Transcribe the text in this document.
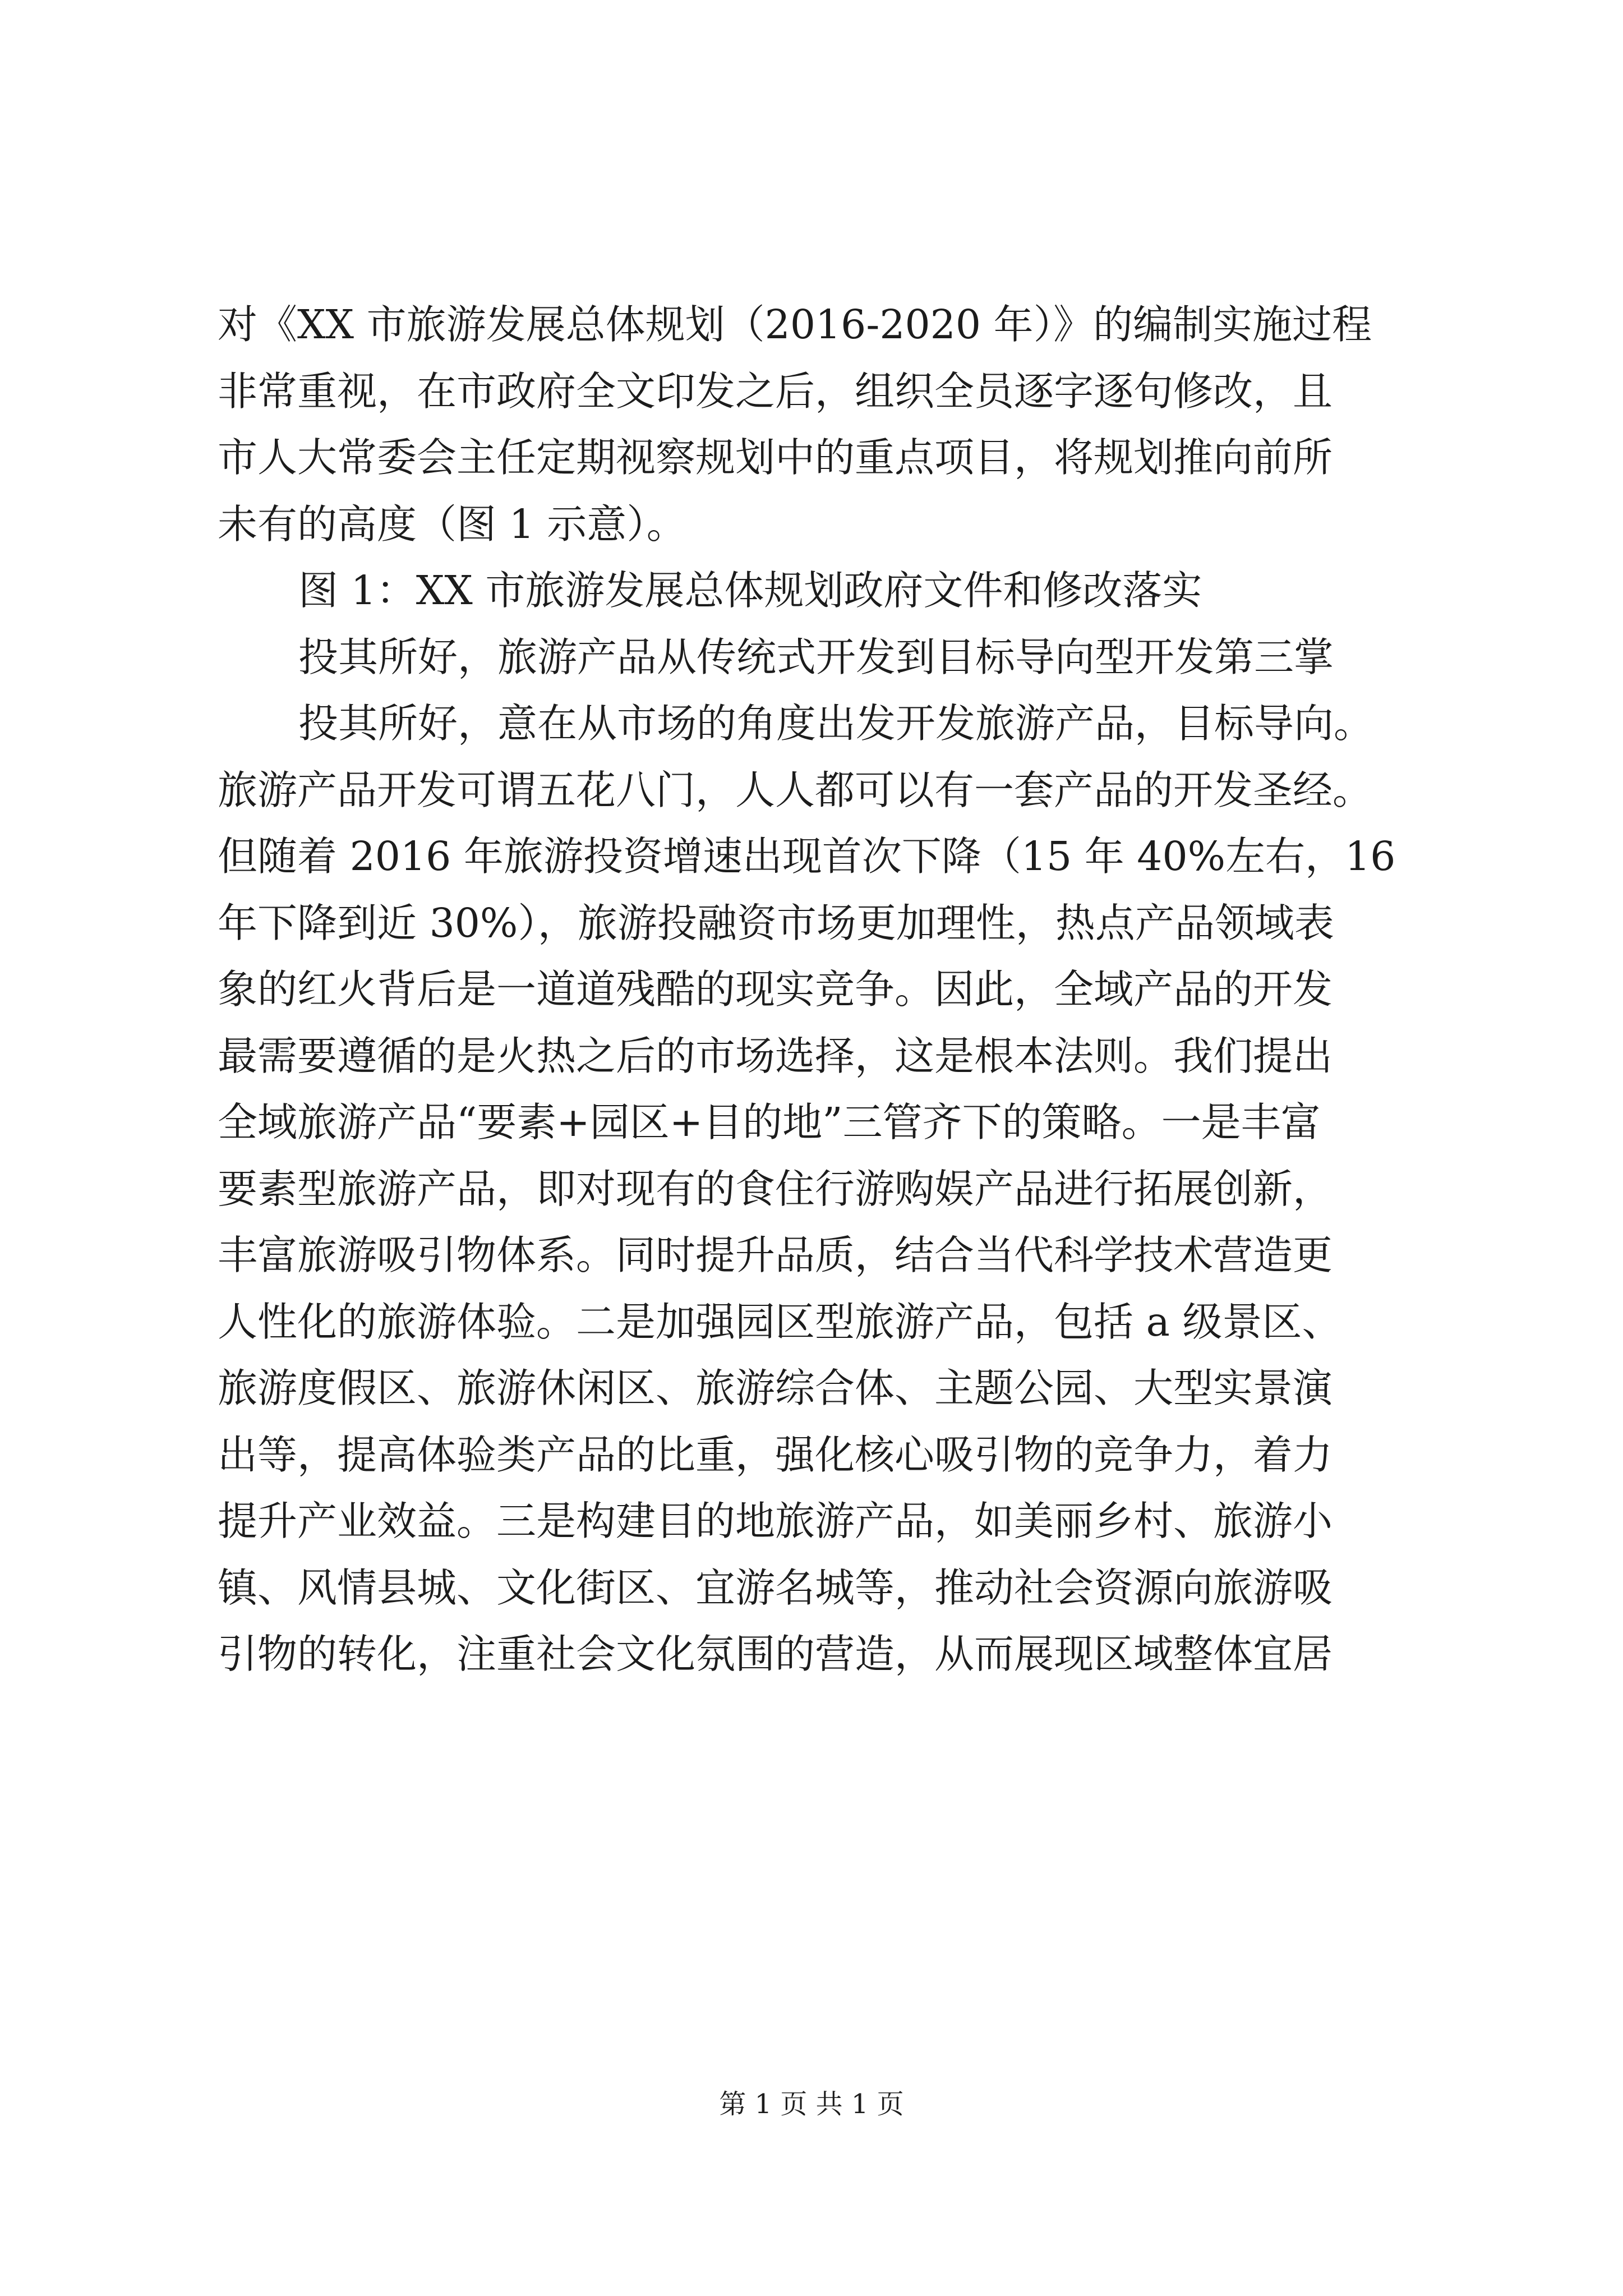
对《XX 市旅游发展总体规划（2016-2020 年）》的编制实施过程
非常重视，在市政府全文印发之后，组织全员逐字逐句修改，且
市人大常委会主任定期视察规划中的重点项目，将规划推向前所
未有的高度（图 1 示意）。
图 1：XX 市旅游发展总体规划政府文件和修改落实
投其所好，旅游产品从传统式开发到目标导向型开发第三掌
投其所好，意在从市场的角度出发开发旅游产品，目标导向。
旅游产品开发可谓五花八门，人人都可以有一套产品的开发圣经。
但随着 2016 年旅游投资增速出现首次下降（15 年 40%左右，16
年下降到近 30%），旅游投融资市场更加理性，热点产品领域表
象的红火背后是一道道残酷的现实竞争。因此，全域产品的开发
最需要遵循的是火热之后的市场选择，这是根本法则。我们提出
全域旅游产品“要素+园区+目的地”三管齐下的策略。一是丰富
要素型旅游产品，即对现有的食住行游购娱产品进行拓展创新，
丰富旅游吸引物体系。同时提升品质，结合当代科学技术营造更
人性化的旅游体验。二是加强园区型旅游产品，包括 a 级景区、
旅游度假区、旅游休闲区、旅游综合体、主题公园、大型实景演
出等，提高体验类产品的比重，强化核心吸引物的竞争力，着力
提升产业效益。三是构建目的地旅游产品，如美丽乡村、旅游小
镇、风情县城、文化街区、宜游名城等，推动社会资源向旅游吸
引物的转化，注重社会文化氛围的营造，从而展现区域整体宜居
第 1 页 共 1 页
